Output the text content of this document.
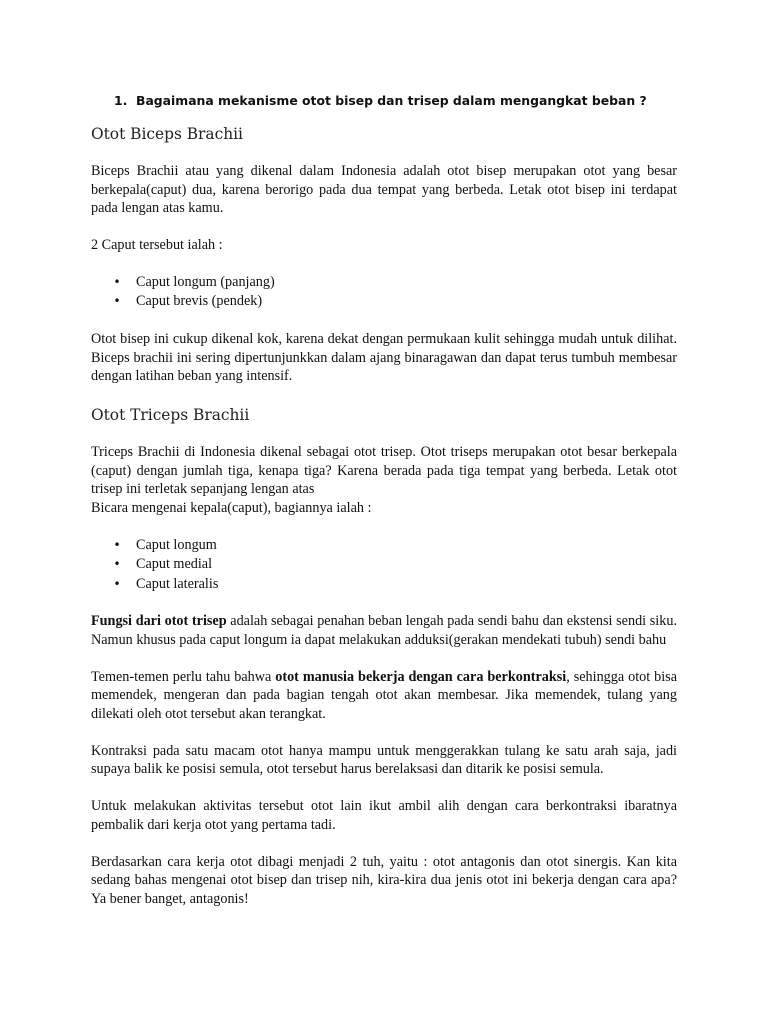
1. Bagaimana mekanisme otot bisep dan trisep dalam mengangkat beban ?
Otot Biceps Brachii

Biceps Brachii atau yang dikenal dalam Indonesia adalah otot bisep merupakan otot yang besar berkepala(caput) dua, karena berorigo pada dua tempat yang berbeda. Letak otot bisep ini terdapat pada lengan atas kamu.

2 Caput tersebut ialah :

• Caput longum (panjang)
• Caput brevis (pendek)

Otot bisep ini cukup dikenal kok, karena dekat dengan permukaan kulit sehingga mudah untuk dilihat. Biceps brachii ini sering dipertunjunkkan dalam ajang binaragawan dan dapat terus tumbuh membesar dengan latihan beban yang intensif.

Otot Triceps Brachii

Triceps Brachii di Indonesia dikenal sebagai otot trisep. Otot triseps merupakan otot besar berkepala (caput) dengan jumlah tiga, kenapa tiga? Karena berada pada tiga tempat yang berbeda. Letak otot trisep ini terletak sepanjang lengan atas

Bicara mengenai kepala(caput), bagiannya ialah :

• Caput longum
• Caput medial
• Caput lateralis

Fungsi dari otot trisep adalah sebagai penahan beban lengah pada sendi bahu dan ekstensi sendi siku. Namun khusus pada caput longum ia dapat melakukan adduksi(gerakan mendekati tubuh) sendi bahu

Temen-temen perlu tahu bahwa otot manusia bekerja dengan cara berkontraksi, sehingga otot bisa memendek, mengeran dan pada bagian tengah otot akan membesar. Jika memendek, tulang yang dilekati oleh otot tersebut akan terangkat.

Kontraksi pada satu macam otot hanya mampu untuk menggerakkan tulang ke satu arah saja, jadi supaya balik ke posisi semula, otot tersebut harus berelaksasi dan ditarik ke posisi semula.

Untuk melakukan aktivitas tersebut otot lain ikut ambil alih dengan cara berkontraksi ibaratnya pembalik dari kerja otot yang pertama tadi.

Berdasarkan cara kerja otot dibagi menjadi 2 tuh, yaitu : otot antagonis dan otot sinergis. Kan kita sedang bahas mengenai otot bisep dan trisep nih, kira-kira dua jenis otot ini bekerja dengan cara apa? Ya bener banget, antagonis!
